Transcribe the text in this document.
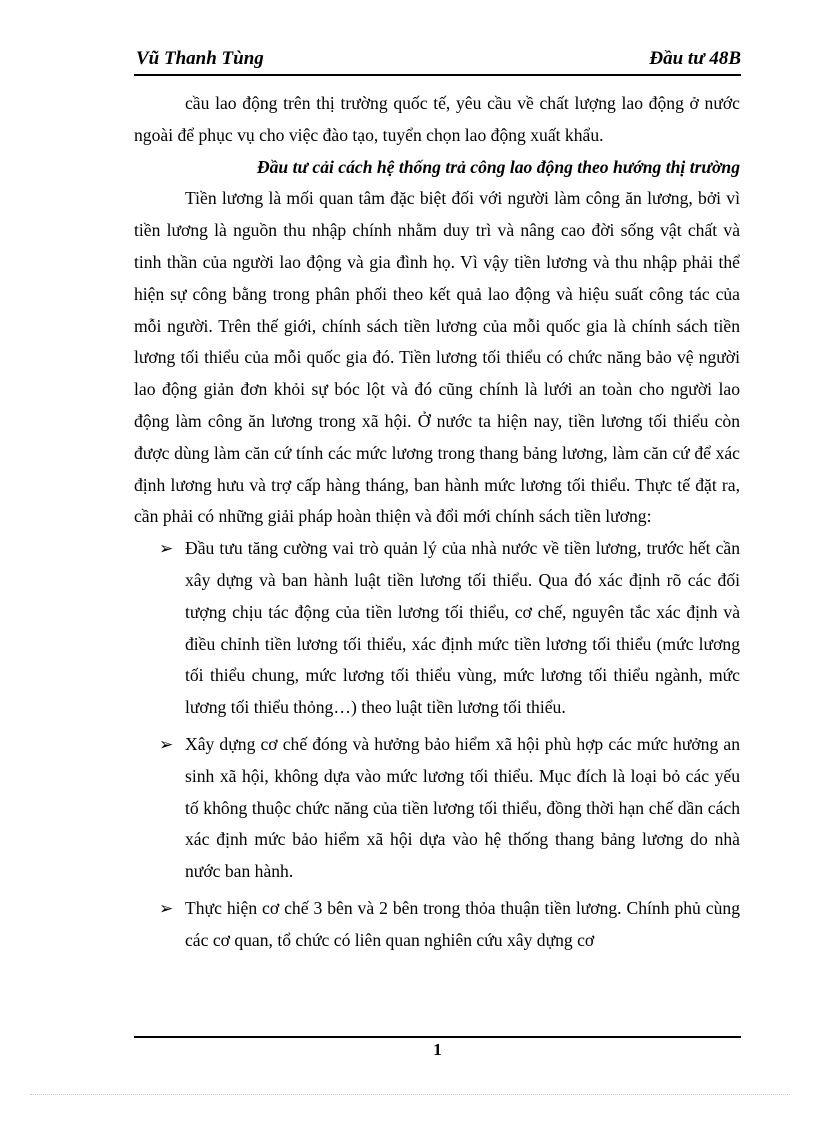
Vũ Thanh Tùng	Đầu tư 48B

cầu lao động trên thị trường quốc tế, yêu cầu về chất lượng lao động ở nước ngoài để phục vụ cho việc đào tạo, tuyển chọn lao động xuất khẩu.

Đầu tư cải cách hệ thống trả công lao động theo hướng thị trường

Tiền lương là mối quan tâm đặc biệt đối với người làm công ăn lương, bởi vì tiền lương là nguồn thu nhập chính nhằm duy trì và nâng cao đời sống vật chất và tinh thần của người lao động và gia đình họ. Vì vậy tiền lương và thu nhập phải thể hiện sự công bằng trong phân phối theo kết quả lao động và hiệu suất công tác của mỗi người. Trên thế giới, chính sách tiền lương của mỗi quốc gia là chính sách tiền lương tối thiểu của mỗi quốc gia đó. Tiền lương tối thiểu có chức năng bảo vệ người lao động giản đơn khỏi sự bóc lột và đó cũng chính là lưới an toàn cho người lao động làm công ăn lương trong xã hội. Ở nước ta hiện nay, tiền lương tối thiểu còn được dùng làm căn cứ tính các mức lương trong thang bảng lương, làm căn cứ để xác định lương hưu và trợ cấp hàng tháng, ban hành mức lương tối thiểu. Thực tế đặt ra, cần phải có những giải pháp hoàn thiện và đổi mới chính sách tiền lương:

➢ Đầu tưu tăng cường vai trò quản lý của nhà nước về tiền lương, trước hết cần xây dựng và ban hành luật tiền lương tối thiểu. Qua đó xác định rõ các đối tượng chịu tác động của tiền lương tối thiểu, cơ chế, nguyên tắc xác định và điều chỉnh tiền lương tối thiểu, xác định mức tiền lương tối thiểu (mức lương tối thiểu chung, mức lương tối thiểu vùng, mức lương tối thiểu ngành, mức lương tối thiểu thỏng…) theo luật tiền lương tối thiểu.
➢ Xây dựng cơ chế đóng và hưởng bảo hiểm xã hội phù hợp các mức hưởng an sinh xã hội, không dựa vào mức lương tối thiểu. Mục đích là loại bỏ các yếu tố không thuộc chức năng của tiền lương tối thiểu, đồng thời hạn chế dần cách xác định mức bảo hiểm xã hội dựa vào hệ thống thang bảng lương do nhà nước ban hành.
➢ Thực hiện cơ chế 3 bên và 2 bên trong thỏa thuận tiền lương. Chính phủ cùng các cơ quan, tổ chức có liên quan nghiên cứu xây dựng cơ
1
